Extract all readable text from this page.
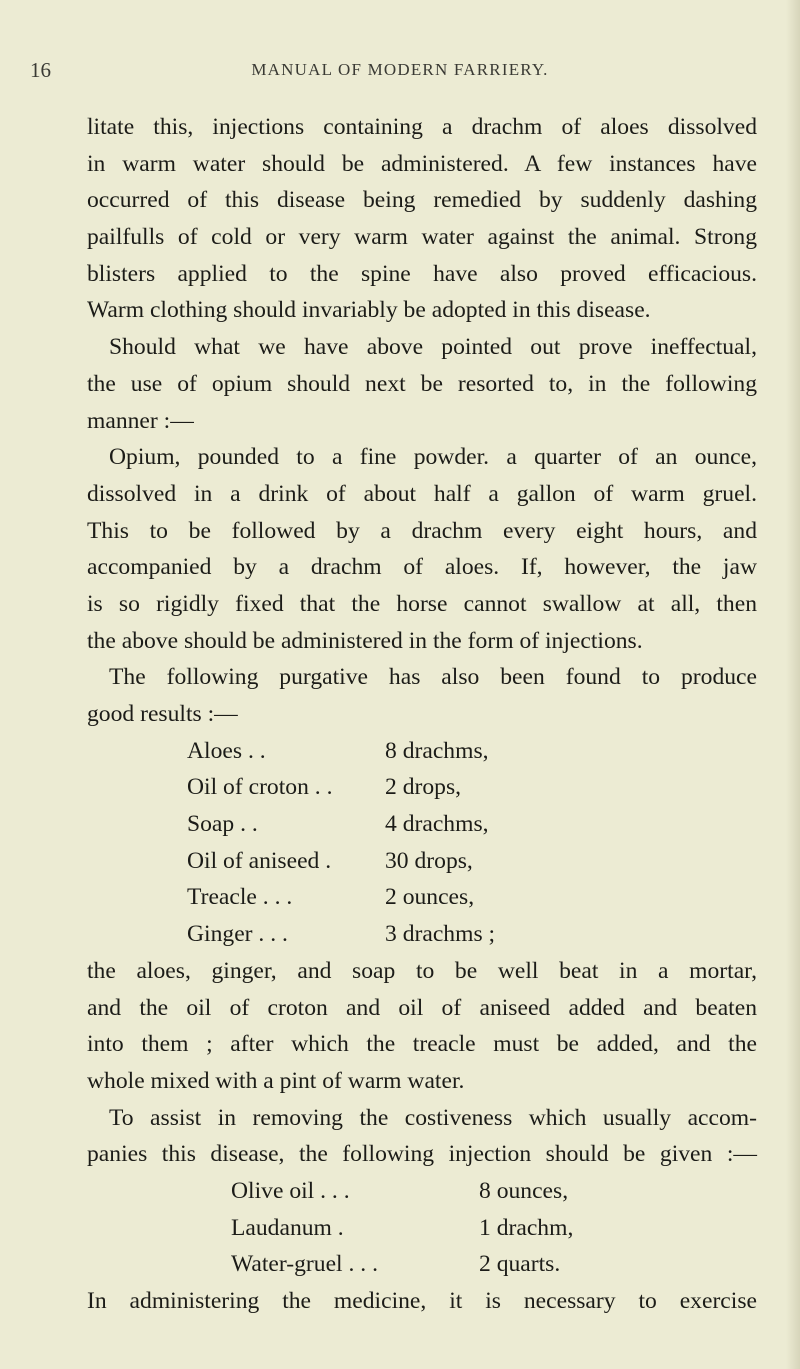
16	MANUAL OF MODERN FARRIERY.
litate this, injections containing a drachm of aloes dissolved
in warm water should be administered. A few instances have
occurred of this disease being remedied by suddenly dashing
pailfulls of cold or very warm water against the animal. Strong
blisters applied to the spine have also proved efficacious.
Warm clothing should invariably be adopted in this disease.
Should what we have above pointed out prove ineffectual,
the use of opium should next be resorted to, in the following
manner :—
Opium, pounded to a fine powder. a quarter of an ounce,
dissolved in a drink of about half a gallon of warm gruel.
This to be followed by a drachm every eight hours, and
accompanied by a drachm of aloes. If, however, the jaw
is so rigidly fixed that the horse cannot swallow at all, then
the above should be administered in the form of injections.
The following purgative has also been found to produce
good results :—
Aloes . .	8 drachms,
Oil of croton . . 2 drops,
Soap . .	4 drachms,
Oil of aniseed . 30 drops,
Treacle . . .	2 ounces,
Ginger . . .	3 drachms ;
the aloes, ginger, and soap to be well beat in a mortar,
and the oil of croton and oil of aniseed added and beaten
into them ; after which the treacle must be added, and the
whole mixed with a pint of warm water.
To assist in removing the costiveness which usually accom-
panies this disease, the following injection should be given :—
Olive oil . . .	8 ounces,
Laudanum .	1 drachm,
Water-gruel . . .	2 quarts.
In administering the medicine, it is necessary to exercise
